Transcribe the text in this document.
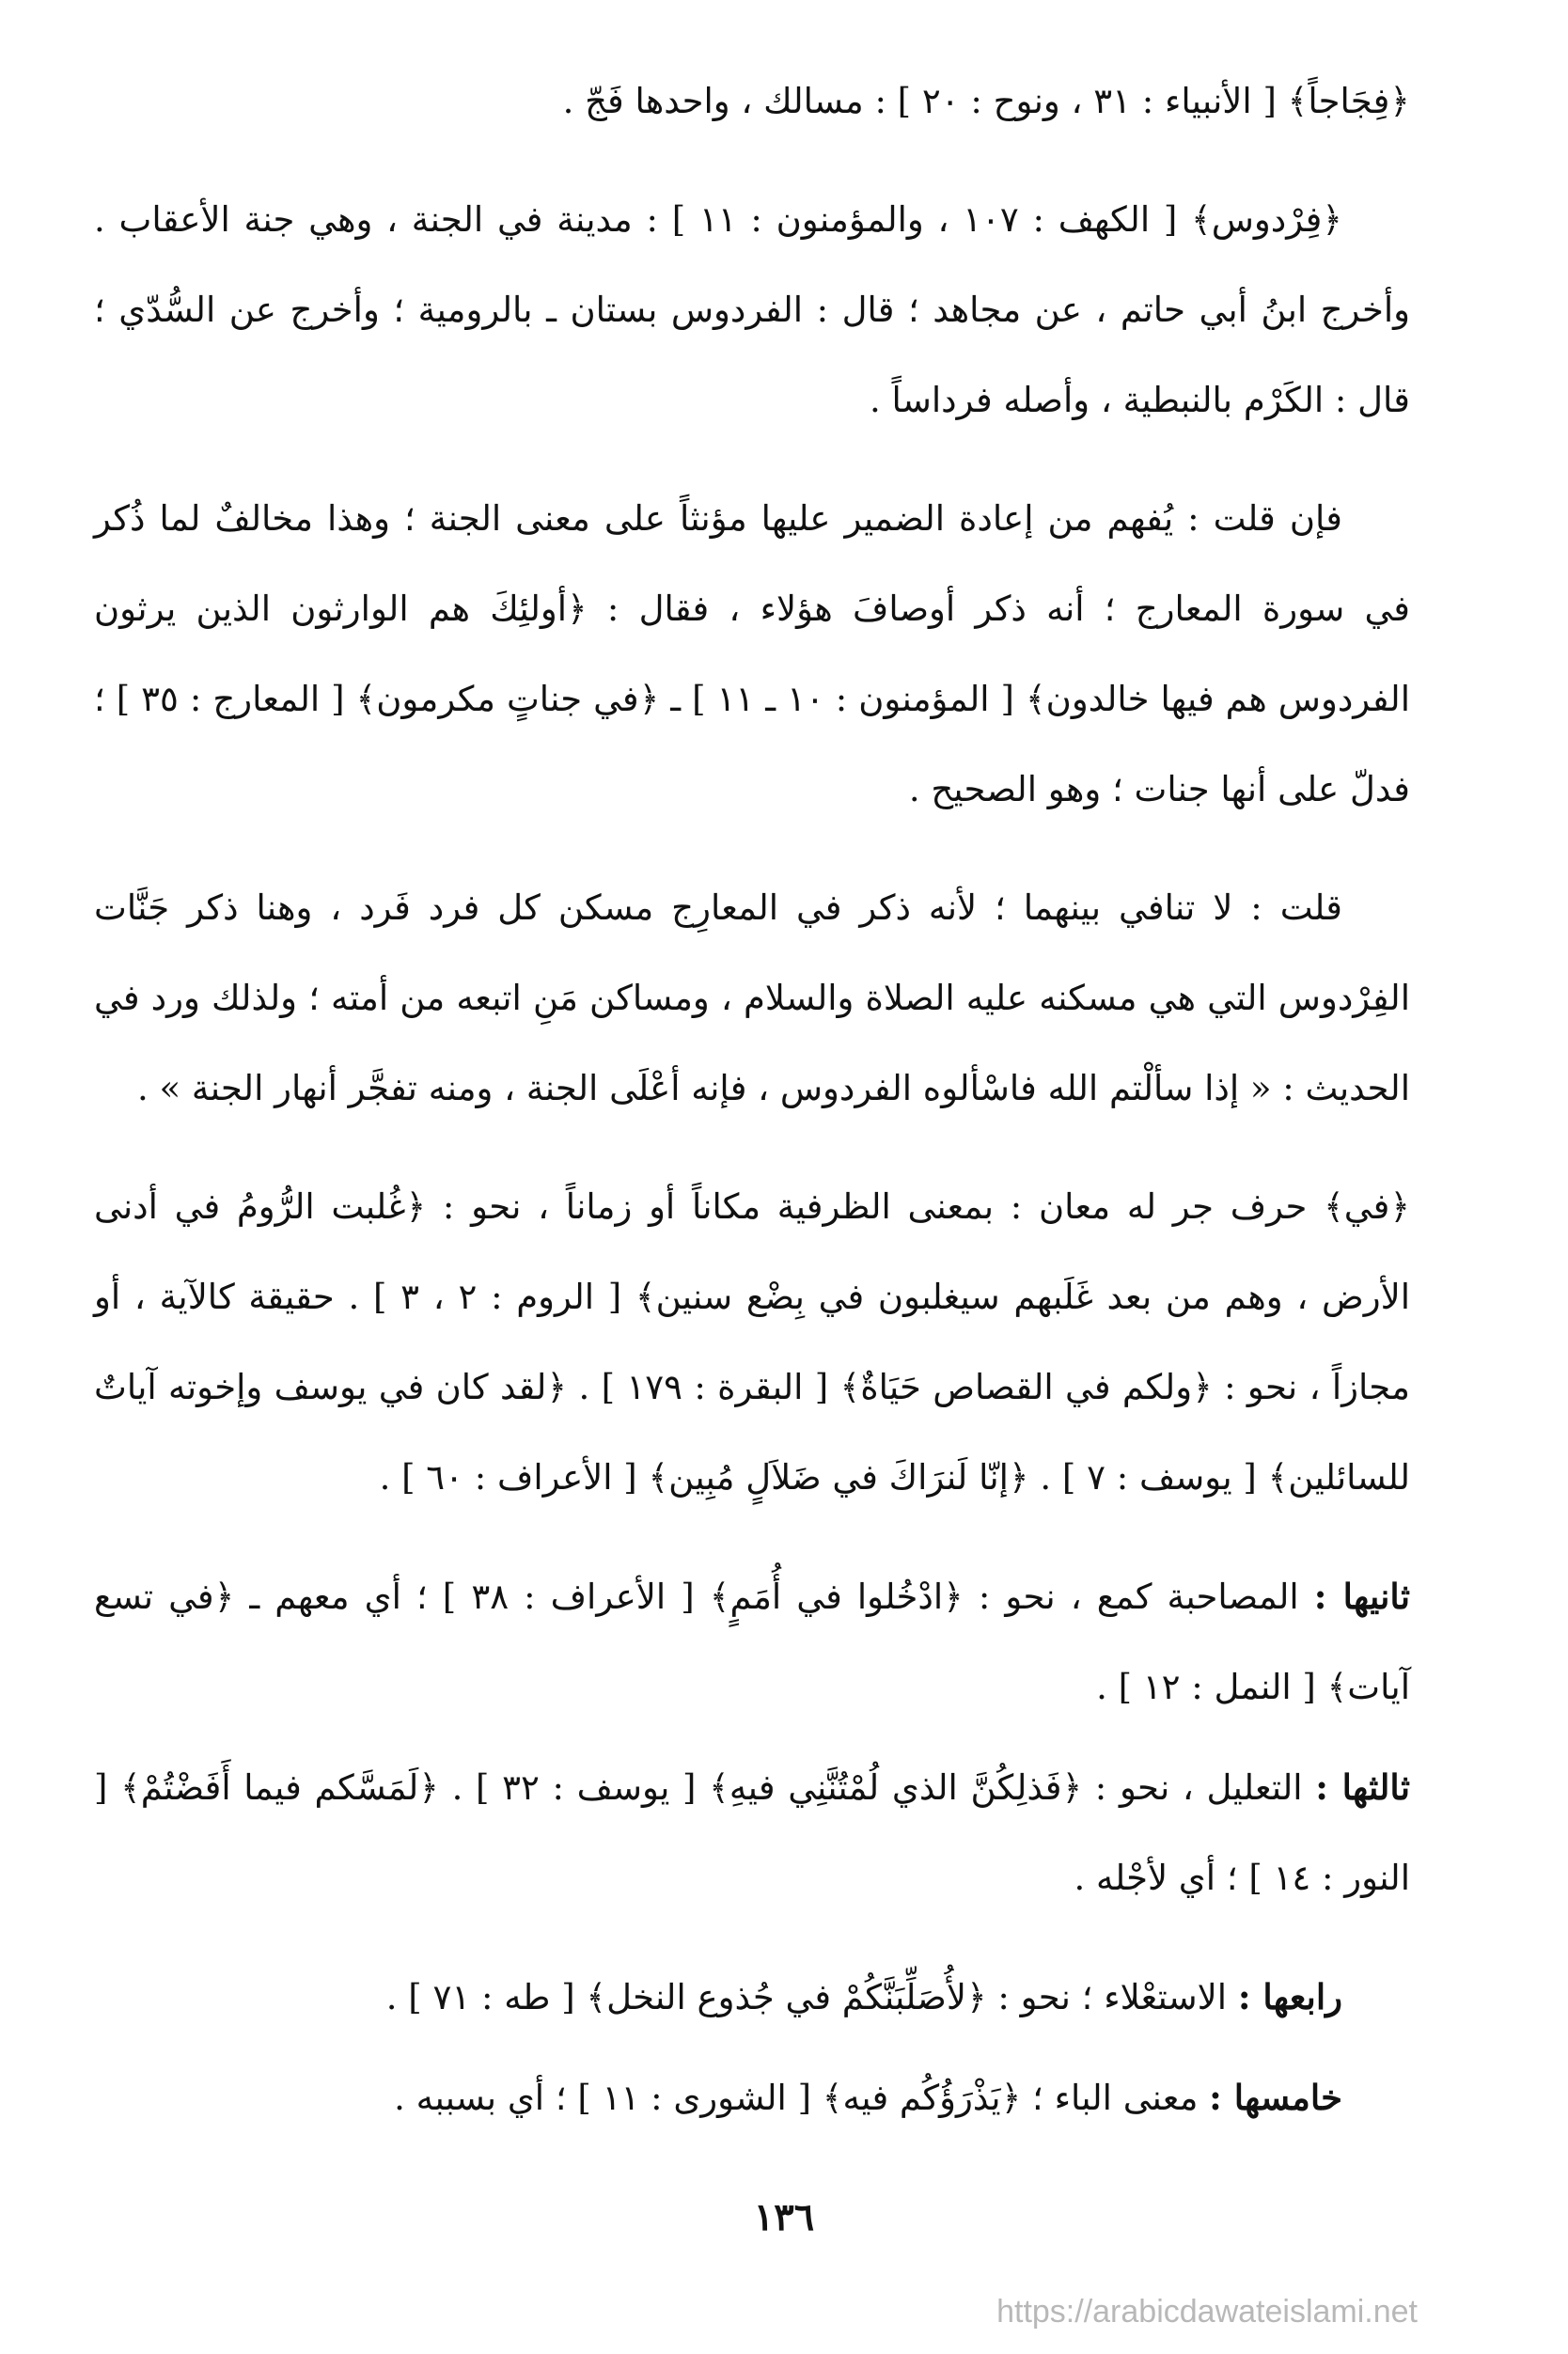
﴿فِجَاجاً﴾ [ الأنبياء : ٣١ ، ونوح : ٢٠ ] : مسالك ، واحدها فَجّ .

﴿فِرْدوس﴾ [ الكهف : ١٠٧ ، والمؤمنون : ١١ ] : مدينة في الجنة ، وهي جنة الأعقاب . وأخرج ابنُ أبي حاتم ، عن مجاهد ؛ قال : الفردوس بستان ـ بالرومية ؛ وأخرج عن السُّدّي ؛ قال : الكَرْم بالنبطية ، وأصله فرداساً .

فإن قلت : يُفهم من إعادة الضمير عليها مؤنثاً على معنى الجنة ؛ وهذا مخالفٌ لما ذُكر في سورة المعارج ؛ أنه ذكر أوصافَ هؤلاء ، فقال : ﴿أولئِكَ هم الوارثون الذين يرثون الفردوس هم فيها خالدون﴾ [ المؤمنون : ١٠ ـ ١١ ] ـ ﴿في جناتٍ مكرمون﴾ [ المعارج : ٣٥ ] ؛ فدلّ على أنها جنات ؛ وهو الصحيح .

قلت : لا تنافي بينهما ؛ لأنه ذكر في المعارِج مسكن كل فرد فَرد ، وهنا ذكر جَنَّات الفِرْدوس التي هي مسكنه عليه الصلاة والسلام ، ومساكن مَنِ اتبعه من أمته ؛ ولذلك ورد في الحديث : « إذا سألْتم الله فاسْألوه الفردوس ، فإنه أعْلَى الجنة ، ومنه تفجَّر أنهار الجنة » .

﴿في﴾ حرف جر له معان : بمعنى الظرفية مكاناً أو زماناً ، نحو : ﴿غُلبت الرُّومُ في أدنى الأرض ، وهم من بعد غَلَبهم سيغلبون في بِضْع سنين﴾ [ الروم : ٢ ، ٣ ] . حقيقة كالآية ، أو مجازاً ، نحو : ﴿ولكم في القصاص حَيَاةٌ﴾ [ البقرة : ١٧٩ ] . ﴿لقد كان في يوسف وإخوته آياتٌ للسائلين﴾ [ يوسف : ٧ ] . ﴿إنّا لَنرَاكَ في ضَلاَلٍ مُبِين﴾ [ الأعراف : ٦٠ ] .

ثانيها : المصاحبة كمع ، نحو : ﴿ادْخُلوا في أُمَمٍ﴾ [ الأعراف : ٣٨ ] ؛ أي معهم ـ ﴿في تسع آيات﴾ [ النمل : ١٢ ] .

ثالثها : التعليل ، نحو : ﴿فَذلِكُنَّ الذي لُمْتُنَّنِي فيهِ﴾ [ يوسف : ٣٢ ] . ﴿لَمَسَّكم فيما أَفَضْتُمْ﴾ [ النور : ١٤ ] ؛ أي لأجْله .

رابعها : الاستعْلاء ؛ نحو : ﴿لأُصَلِّبَنَّكُمْ في جُذوع النخل﴾ [ طه : ٧١ ] .

خامسها : معنى الباء ؛ ﴿يَذْرَؤُكُم فيه﴾ [ الشورى : ١١ ] ؛ أي بسببه .

١٣٦
https://arabicdawateislami.net
